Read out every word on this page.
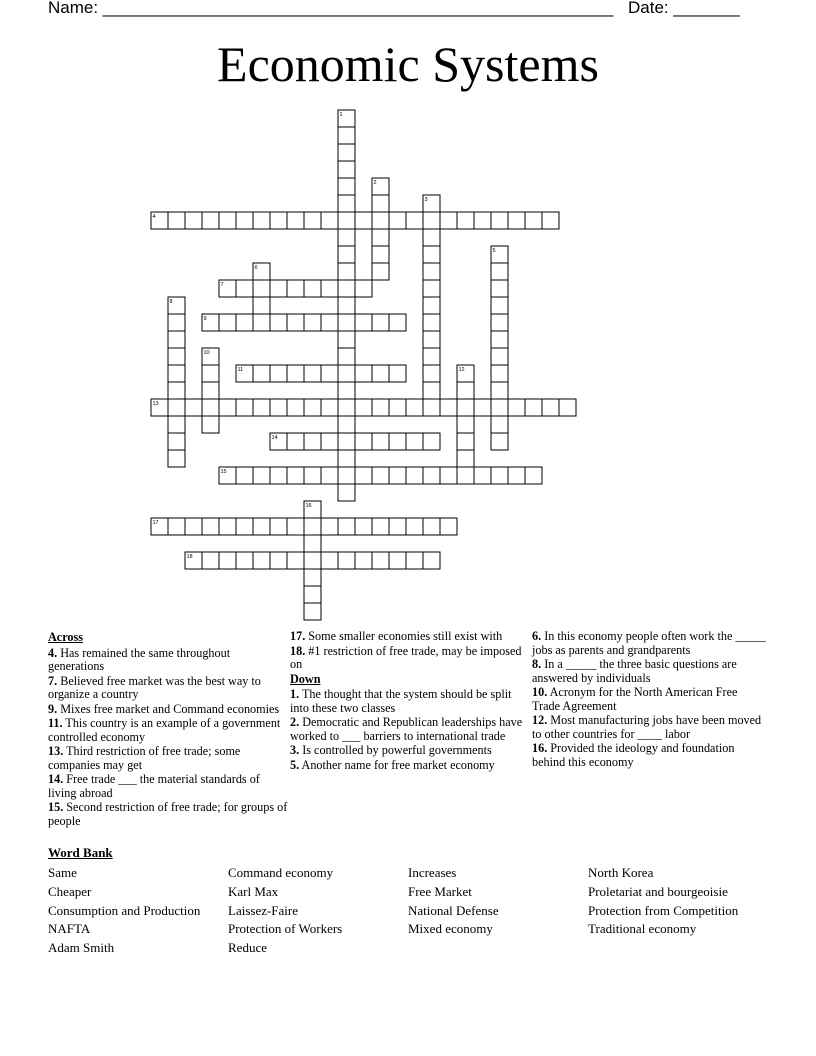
Name: ______________________________________________________ Date: _______
Economic Systems
1
2
3
4
5
6
7
8
9
10
11	12
13
14
15
16
17
18
Across
4. Has remained the same throughout generations
7. Believed free market was the best way to organize a country
9. Mixes free market and Command economies
11. This country is an example of a government controlled economy
13. Third restriction of free trade; some companies may get
14. Free trade ___ the material standards of living abroad
15. Second restriction of free trade; for groups of people
17. Some smaller economies still exist with
18. #1 restriction of free trade, may be imposed on
Down
1. The thought that the system should be split into these two classes
2. Democratic and Republican leaderships have worked to ___ barriers to international trade
3. Is controlled by powerful governments
5. Another name for free market economy
6. In this economy people often work the _____ jobs as parents and grandparents
8. In a _____ the three basic questions are answered by individuals
10. Acronym for the North American Free Trade Agreement
12. Most manufacturing jobs have been moved to other countries for ____ labor
16. Provided the ideology and foundation behind this economy
Word Bank
Same
Cheaper
Consumption and Production
NAFTA
Adam Smith
Command economy
Karl Max
Laissez-Faire
Protection of Workers
Reduce
Increases
Free Market
National Defense
Mixed economy
North Korea
Proletariat and bourgeoisie
Protection from Competition
Traditional economy
